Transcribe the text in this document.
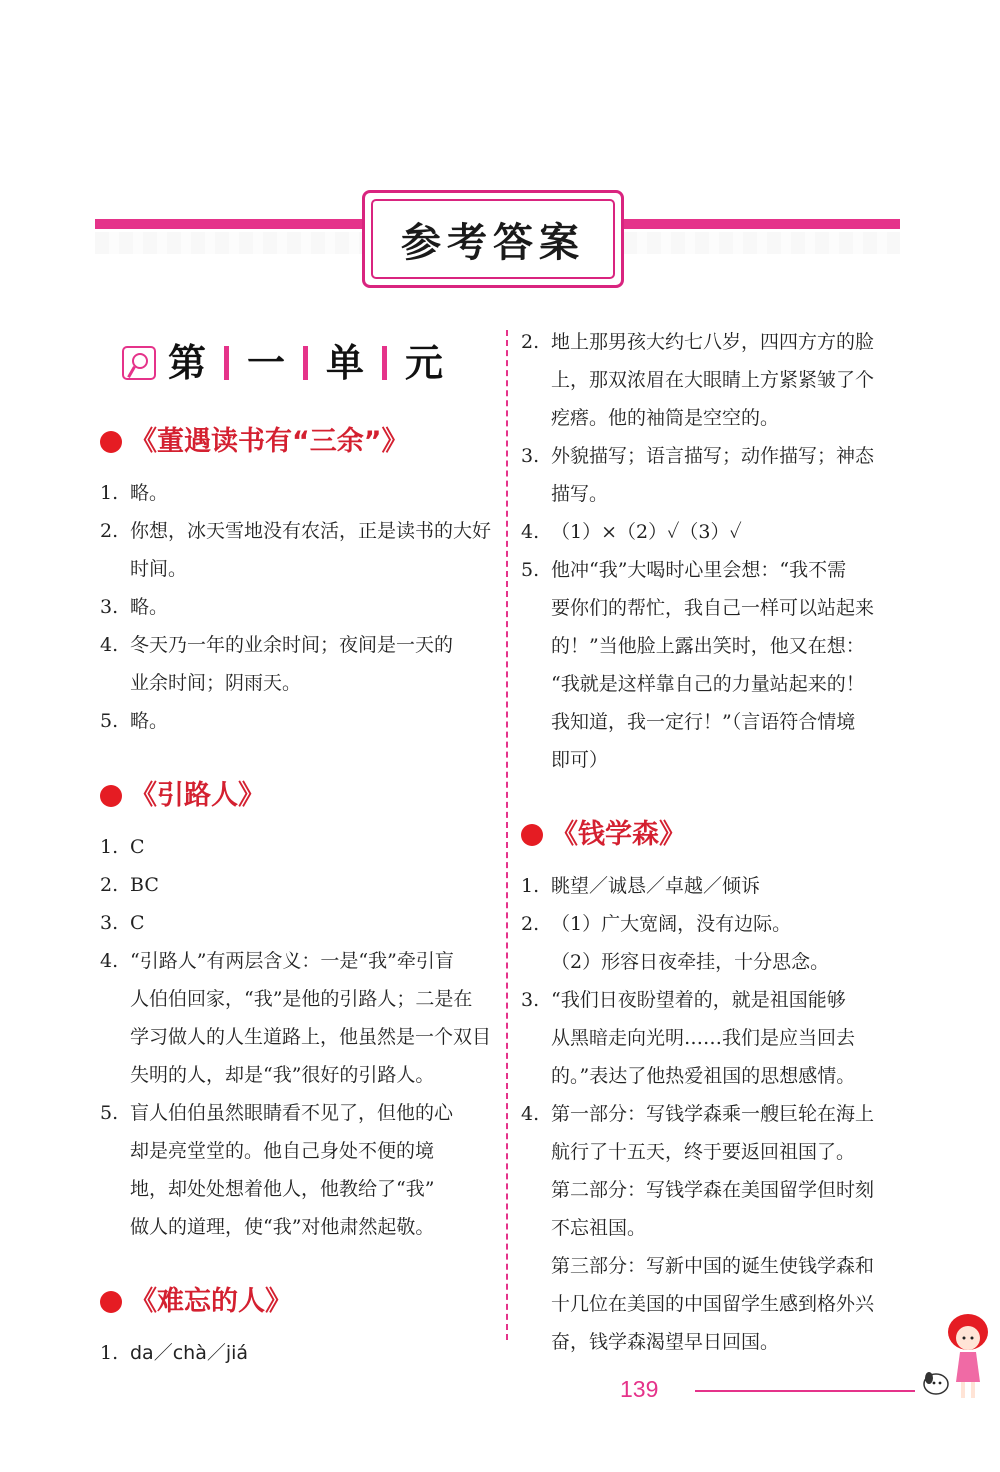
参考答案
第 一 单 元
《董遇读书有“三余”》
1. 略。
2. 你想，冰天雪地没有农活，正是读书的大好
时间。
3. 略。
4. 冬天乃一年的业余时间；夜间是一天的
业余时间；阴雨天。
5. 略。
《引路人》
1. C
2. BC
3. C
4. “引路人”有两层含义：一是“我”牵引盲
人伯伯回家，“我”是他的引路人；二是在
学习做人的人生道路上，他虽然是一个双目
失明的人，却是“我”很好的引路人。
5. 盲人伯伯虽然眼睛看不见了，但他的心
却是亮堂堂的。他自己身处不便的境
地，却处处想着他人，他教给了“我”
做人的道理，使“我”对他肃然起敬。
《难忘的人》
1. da／chà／jiá
2. 地上那男孩大约七八岁，四四方方的脸
上，那双浓眉在大眼睛上方紧紧皱了个
疙瘩。他的袖筒是空空的。
3. 外貌描写；语言描写；动作描写；神态
描写。
4. （1）×（2）✓（3）✓
5. 他冲“我”大喝时心里会想：“我不需
要你们的帮忙，我自己一样可以站起来
的！”当他脸上露出笑时，他又在想：
“我就是这样靠自己的力量站起来的！
我知道，我一定行！”（言语符合情境
即可）
《钱学森》
1. 眺望／诚恳／卓越／倾诉
2. （1）广大宽阔，没有边际。
（2）形容日夜牵挂，十分思念。
3. “我们日夜盼望着的，就是祖国能够
从黑暗走向光明……我们是应当回去
的。”表达了他热爱祖国的思想感情。
4. 第一部分：写钱学森乘一艘巨轮在海上
航行了十五天，终于要返回祖国了。
第二部分：写钱学森在美国留学但时刻
不忘祖国。
第三部分：写新中国的诞生使钱学森和
十几位在美国的中国留学生感到格外兴
奋，钱学森渴望早日回国。
139
